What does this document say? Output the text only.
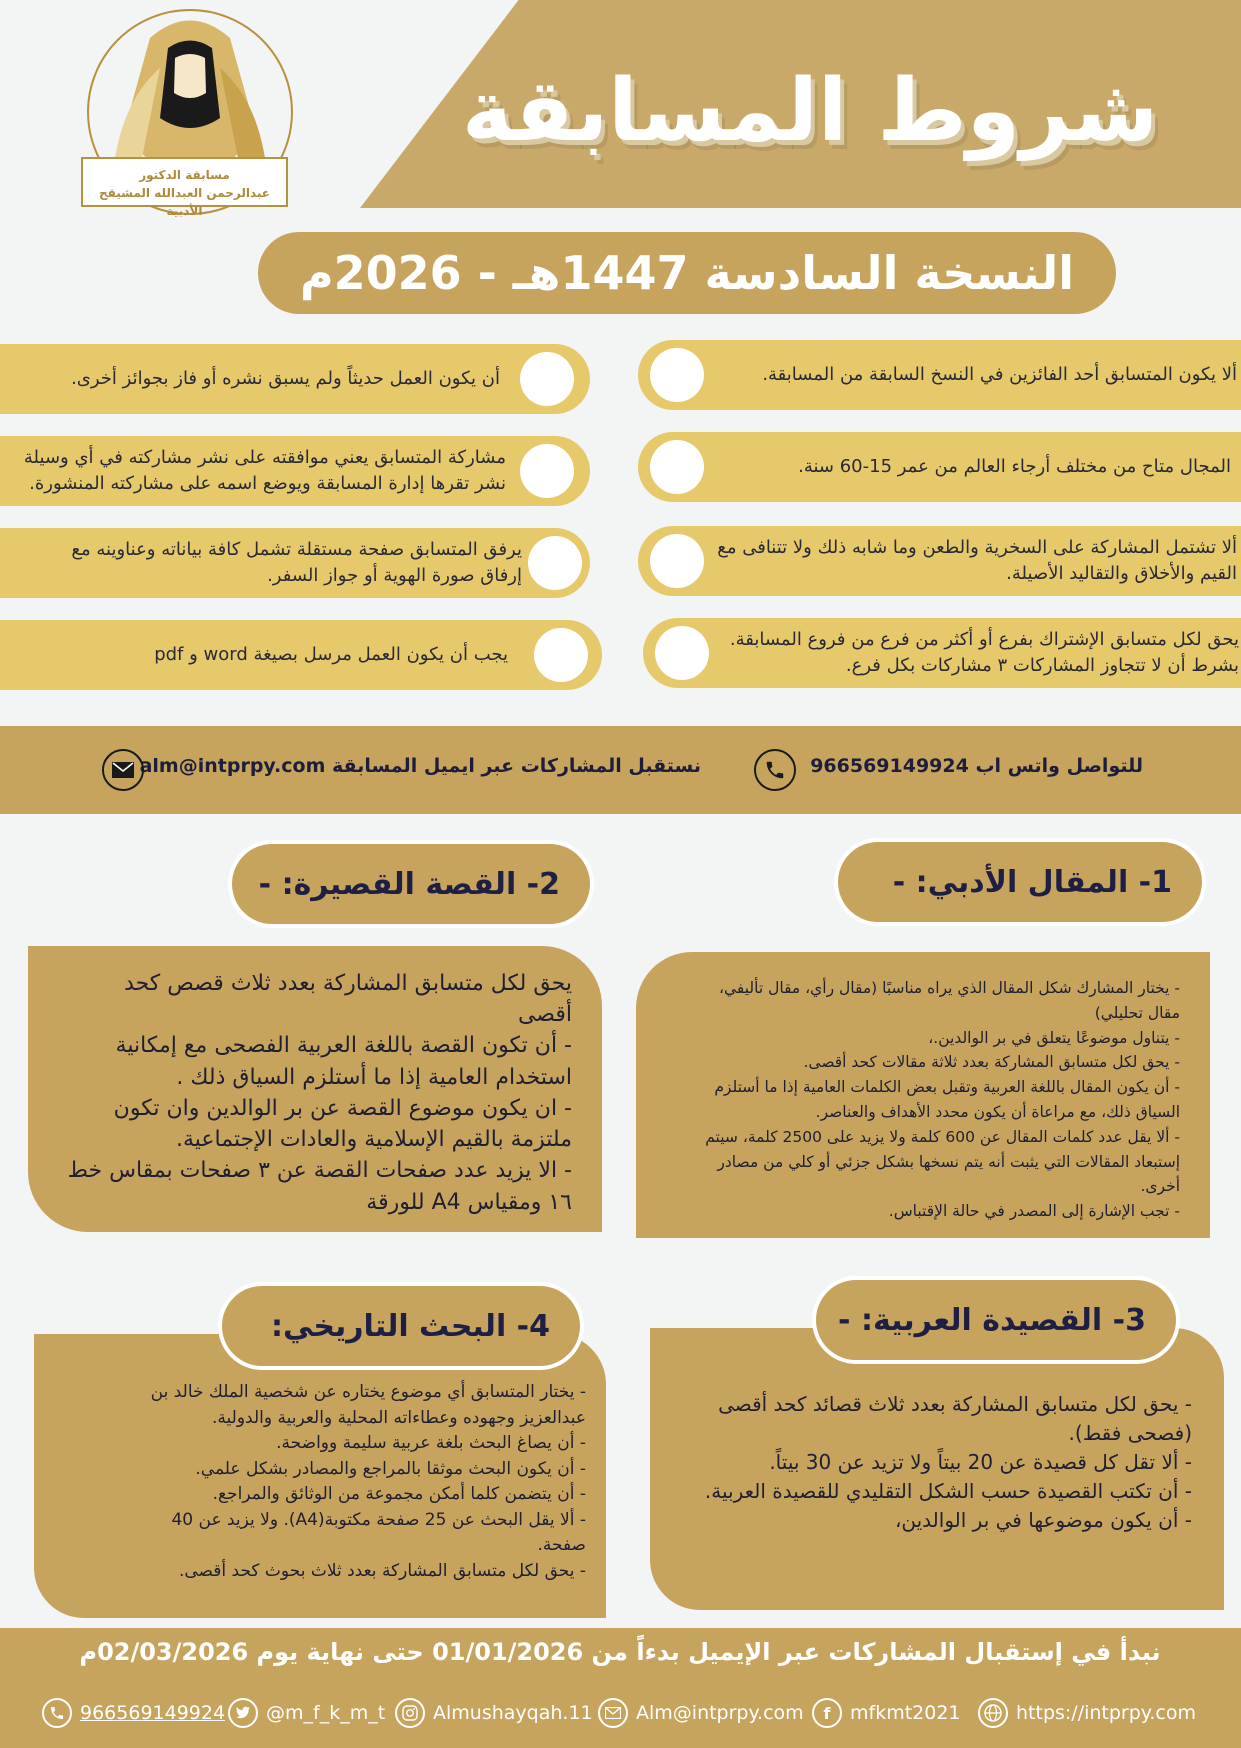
شروط المسابقة
مسابقة الدكتور
عبدالرحمن العبدالله المشيقح الأدبية
النسخة السادسة 1447هـ - 2026م
ألا يكون المتسابق أحد الفائزين في النسخ السابقة من المسابقة.
المجال متاح من مختلف أرجاء العالم من عمر 15-60 سنة.
ألا تشتمل المشاركة على السخرية والطعن وما شابه ذلك ولا تتنافى مع القيم والأخلاق والتقاليد الأصيلة.
يحق لكل متسابق الإشتراك بفرع أو أكثر من فرع من فروع المسابقة. بشرط أن لا تتجاوز المشاركات ٣ مشاركات بكل فرع.
أن يكون العمل حديثاً ولم يسبق نشره أو فاز بجوائز أخرى.
مشاركة المتسابق يعني موافقته على نشر مشاركته في أي وسيلة نشر تقرها إدارة المسابقة ويوضع اسمه على مشاركته المنشورة.
يرفق المتسابق صفحة مستقلة تشمل كافة بياناته وعناوينه مع إرفاق صورة الهوية أو جواز السفر.
يجب أن يكون العمل مرسل بصيغة word و pdf
للتواصل واتس اب 966569149924
نستقبل المشاركات عبر ايميل المسابقة alm@intprpy.com
1- المقال الأدبي: -
- يختار المشارك شكل المقال الذي يراه مناسبًا (مقال رأي، مقال تأليفي،
مقال تحليلي)
- يتناول موضوعًا يتعلق في بر الوالدين.،
- يحق لكل متسابق المشاركة بعدد ثلاثة مقالات كحد أقصى.
- أن يكون المقال باللغة العربية وتقبل بعض الكلمات العامية إذا ما أستلزم
السياق ذلك، مع مراعاة أن يكون محدد الأهداف والعناصر.
- ألا يقل عدد كلمات المقال عن 600 كلمة ولا يزيد على 2500 كلمة، سيتم
إستبعاد المقالات التي يثبت أنه يتم نسخها بشكل جزئي أو كلي من مصادر
أخرى.
- تجب الإشارة إلى المصدر في حالة الإقتباس.
2- القصة القصيرة: -
يحق لكل متسابق المشاركة بعدد ثلاث قصص كحد
أقصى
- أن تكون القصة باللغة العربية الفصحى مع إمكانية
استخدام العامية إذا ما أستلزم السياق ذلك .
- ان يكون موضوع القصة عن بر الوالدين وان تكون
ملتزمة بالقيم الإسلامية والعادات الإجتماعية.
- الا يزيد عدد صفحات القصة عن ٣ صفحات بمقاس خط
١٦ ومقياس A4 للورقة
3- القصيدة العربية: -
- يحق لكل متسابق المشاركة بعدد ثلاث قصائد كحد أقصى
(فصحى فقط).
- ألا تقل كل قصيدة عن 20 بيتاً ولا تزيد عن 30 بيتاً.
- أن تكتب القصيدة حسب الشكل التقليدي للقصيدة العربية.
- أن يكون موضوعها في بر الوالدين،
4- البحث التاريخي:
- يختار المتسابق أي موضوع يختاره عن شخصية الملك خالد بن
عبدالعزيز وجهوده وعطاءاته المحلية والعربية والدولية.
- أن يصاغ البحث بلغة عربية سليمة وواضحة.
- أن يكون البحث موثقا بالمراجع والمصادر بشكل علمي.
- أن يتضمن كلما أمكن مجموعة من الوثائق والمراجع.
- ألا يقل البحث عن 25 صفحة مكتوبة(A4). ولا يزيد عن 40
صفحة.
- يحق لكل متسابق المشاركة بعدد ثلاث بحوث كحد أقصى.
نبدأ في إستقبال المشاركات عبر الإيميل بدءاً من 01/01/2026 حتى نهاية يوم 02/03/2026م
https://intprpy.com
f mfkmt2021
Alm@intprpy.com
Almushayqah.11
@m_f_k_m_t
966569149924
